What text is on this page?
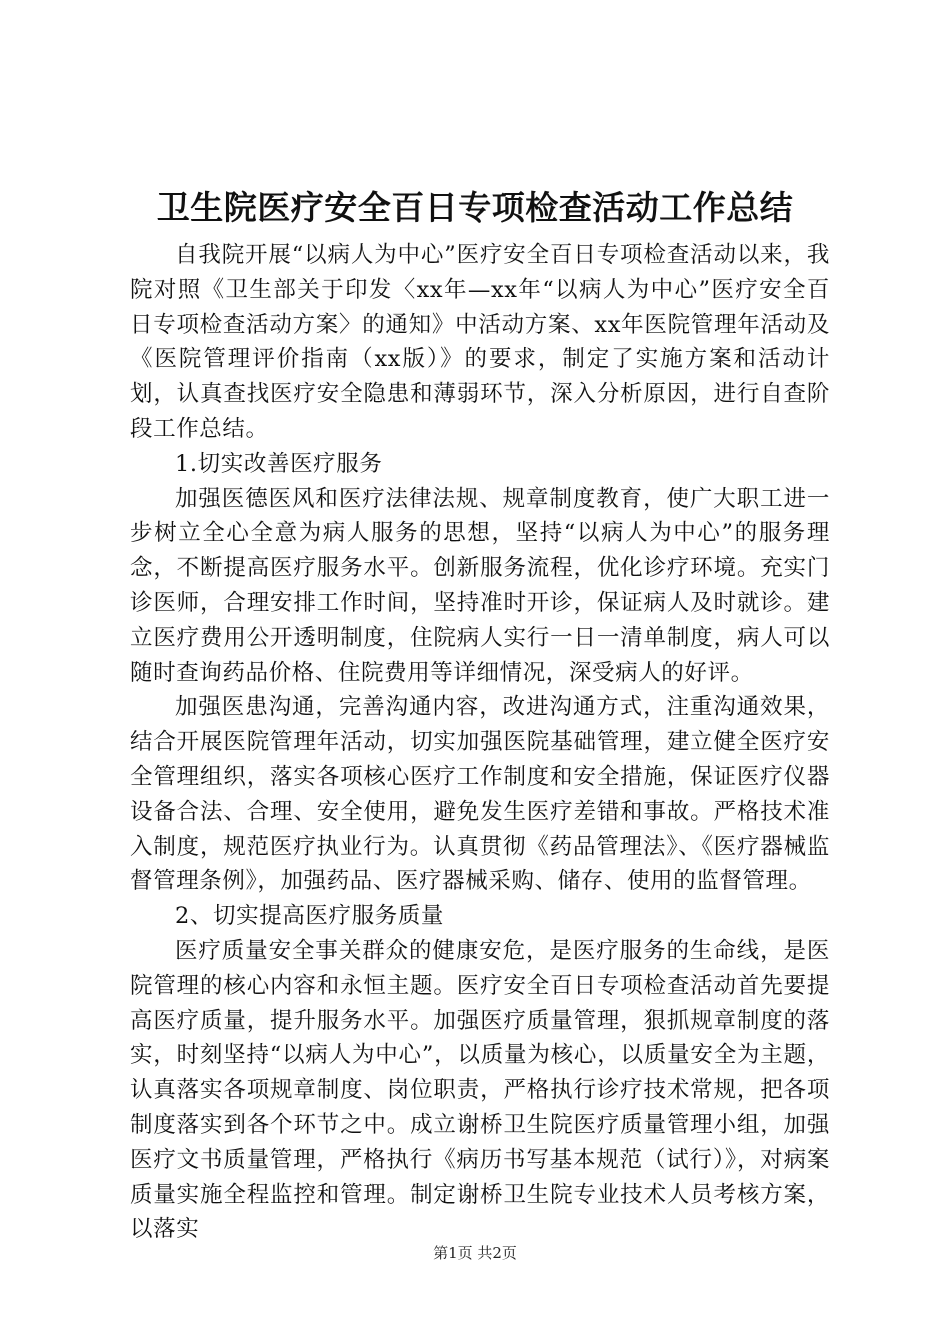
卫生院医疗安全百日专项检查活动工作总结

自我院开展“以病人为中心”医疗安全百日专项检查活动以来，我院对照《卫生部关于印发〈xx年—xx年“以病人为中心”医疗安全百日专项检查活动方案〉的通知》中活动方案、xx年医院管理年活动及《医院管理评价指南（xx版）》的要求，制定了实施方案和活动计划，认真查找医疗安全隐患和薄弱环节，深入分析原因，进行自查阶段工作总结。

1.切实改善医疗服务

加强医德医风和医疗法律法规、规章制度教育，使广大职工进一步树立全心全意为病人服务的思想，坚持“以病人为中心”的服务理念，不断提高医疗服务水平。创新服务流程，优化诊疗环境。充实门诊医师，合理安排工作时间，坚持准时开诊，保证病人及时就诊。建立医疗费用公开透明制度，住院病人实行一日一清单制度，病人可以随时查询药品价格、住院费用等详细情况，深受病人的好评。

加强医患沟通，完善沟通内容，改进沟通方式，注重沟通效果，结合开展医院管理年活动，切实加强医院基础管理，建立健全医疗安全管理组织，落实各项核心医疗工作制度和安全措施，保证医疗仪器设备合法、合理、安全使用，避免发生医疗差错和事故。严格技术准入制度，规范医疗执业行为。认真贯彻《药品管理法》、《医疗器械监督管理条例》，加强药品、医疗器械采购、储存、使用的监督管理。

2、切实提高医疗服务质量

医疗质量安全事关群众的健康安危，是医疗服务的生命线，是医院管理的核心内容和永恒主题。医疗安全百日专项检查活动首先要提高医疗质量，提升服务水平。加强医疗质量管理，狠抓规章制度的落实，时刻坚持“以病人为中心”，以质量为核心，以质量安全为主题，认真落实各项规章制度、岗位职责，严格执行诊疗技术常规，把各项制度落实到各个环节之中。成立谢桥卫生院医疗质量管理小组，加强医疗文书质量管理，严格执行《病历书写基本规范（试行）》，对病案质量实施全程监控和管理。制定谢桥卫生院专业技术人员考核方案，以落实

第1页 共2页
